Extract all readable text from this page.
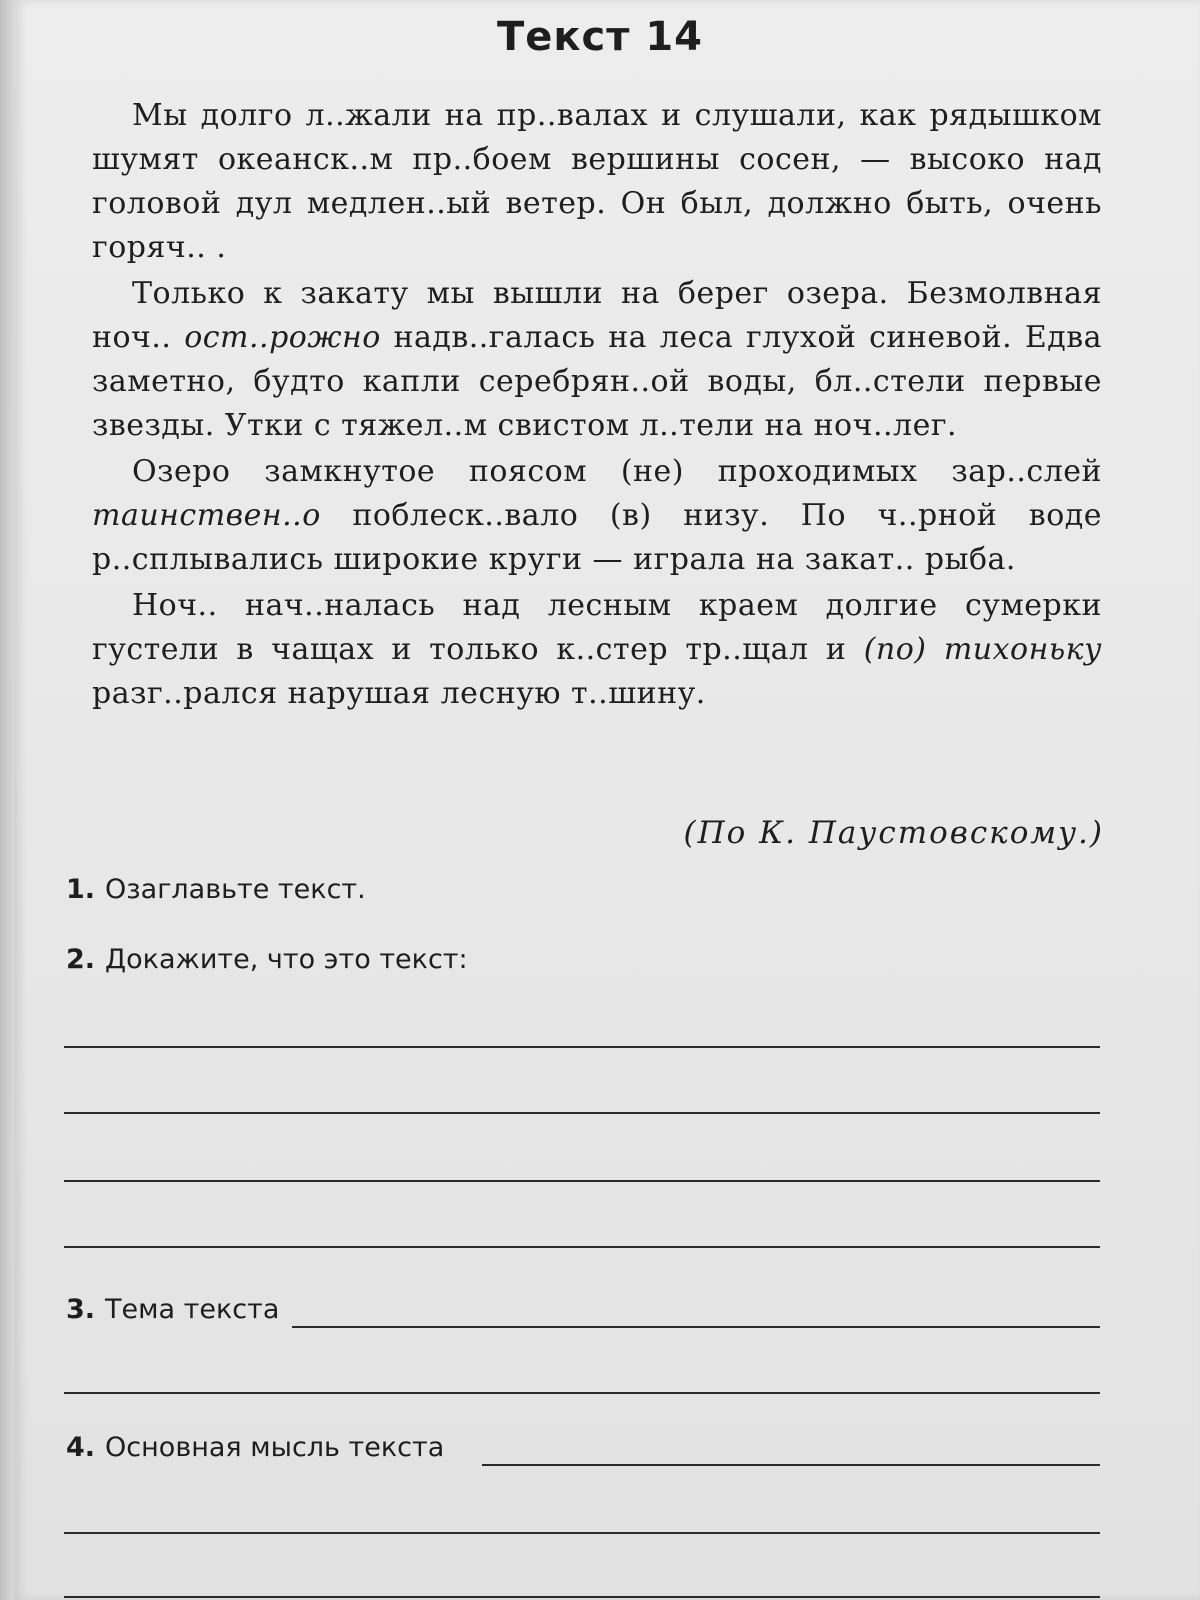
Текст 14

Мы долго л..жали на пр..валах и слушали, как рядышком шумят океанск..м пр..боем вершины сосен, — высоко над головой дул медлен..ый ветер. Он был, должно быть, очень горяч.. .

Только к закату мы вышли на берег озера. Безмолвная ноч.. ост..рожно надв..галась на леса глухой синевой. Едва заметно, будто капли серебрян..ой воды, бл..стели первые звезды. Утки с тяжел..м свистом л..тели на ноч..лег.

Озеро замкнутое поясом (не) проходимых зар..слей таинствен..о поблеск..вало (в) низу. По ч..рной воде р..сплывались широкие круги — играла на закат.. рыба.

Ноч.. нач..налась над лесным краем долгие сумерки густели в чащах и только к..стер тр..щал и (по) тихоньку разг..рался нарушая лесную т..шину.

(По К. Паустовскому.)
1. Озаглавьте текст.
2. Докажите, что это текст:
3. Тема текста
4. Основная мысль текста
